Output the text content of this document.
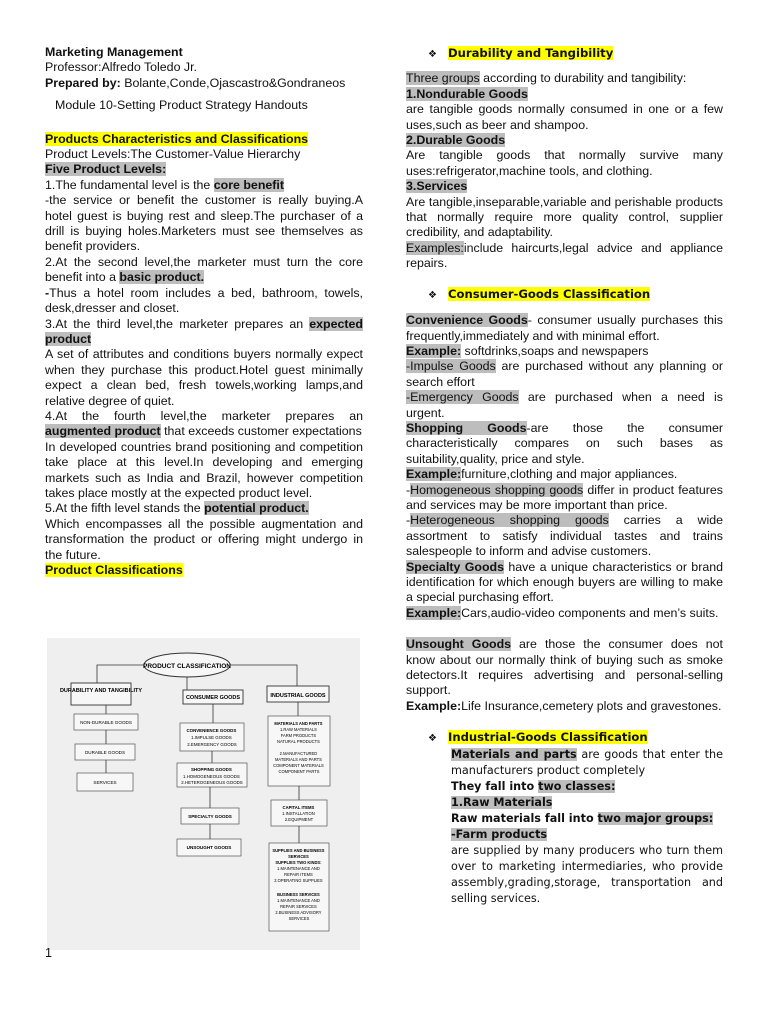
Marketing Management

Professor:Alfredo Toledo Jr.

Prepared by: Bolante,Conde,Ojascastro&Gondraneos

Module 10-Setting Product Strategy Handouts

Products Characteristics and Classifications

Product Levels:The Customer-Value Hierarchy

Five Product Levels:

1.The fundamental level is the core benefit

-the service or benefit the customer is really buying.A hotel guest is buying rest and sleep.The purchaser of a drill is buying holes.Marketers must see themselves as benefit providers.

2.At the second level,the marketer must turn the core benefit into a basic product.

-Thus a hotel room includes a bed, bathroom, towels, desk,dresser and closet.

3.At the third level,the marketer prepares an expected product

A set of attributes and conditions buyers normally expect when they purchase this product.Hotel guest minimally expect a clean bed, fresh towels,working lamps,and relative degree of quiet.

4.At the fourth level,the marketer prepares an augmented product that exceeds customer expectations

In developed countries brand positioning and competition take place at this level.In developing and emerging markets such as India and Brazil, however competition takes place mostly at the expected product level.

5.At the fifth level stands the potential product.

Which encompasses all the possible augmentation and transformation the product or offering might undergo in the future.

Product Classifications

PRODUCT CLASSIFICATION
DURABILITY AND TANGIBILITY
CONSUMER GOODS	INDUSTRIAL GOODS
NON-DURABLE GOODS
DURABLE GOODS
SERVICES
CONVENIENCE GOODS 1.IMPULSE GOODS 2.EMERGENCY GOODS
SHOPPING GOODS 1.HOMOGENEOUS GOODS 2.HETEROGENEOUS GOODS
SPECIALTY GOODS
UNSOUGHT GOODS
MATERIALS AND PARTS 1.RAW MATERIALS FARM PRODUCTS NATURAL PRODUCTS 2.MANUFACTURED MATERIALS AND PARTS COMPONENT MATERIALS COMPONENT PARTS
CAPITAL ITEMS 1.INSTALLATION 2.EQUIPMENT
SUPPLIES AND BUSINESS SERVICES SUPPLIES TWO KINDS: 1.MAINTENANCE AND REPAIR ITEMS 2.OPERATING SUPPLIES BUSINESS SERVICES 1.MAINTENANCE AND REPAIR SERVICES 2.BUSINESS ADVISORY SERVICES
1

❖ Durability and Tangibility

Three groups according to durability and tangibility:

1.Nondurable Goods

are tangible goods normally consumed in one or a few uses,such as beer and shampoo.

2.Durable Goods

Are tangible goods that normally survive many uses:refrigerator,machine tools, and clothing.

3.Services

Are tangible,inseparable,variable and perishable products that normally require more quality control, supplier credibility, and adaptability.

Examples:include haircurts,legal advice and appliance repairs.

❖ Consumer-Goods Classification

Convenience Goods- consumer usually purchases this frequently,immediately and with minimal effort.

Example: softdrinks,soaps and newspapers

-Impulse Goods are purchased without any planning or search effort

-Emergency Goods are purchased when a need is urgent.

Shopping Goods-are those the consumer characteristically compares on such bases as suitability,quality, price and style.

Example:furniture,clothing and major appliances.

-Homogeneous shopping goods differ in product features and services may be more important than price.

-Heterogeneous shopping goods carries a wide assortment to satisfy individual tastes and trains salespeople to inform and advise customers.

Specialty Goods have a unique characteristics or brand identification for which enough buyers are willing to make a special purchasing effort.

Example:Cars,audio-video components and men’s suits.

Unsought Goods are those the consumer does not know about our normally think of buying such as smoke detectors.It requires advertising and personal-selling support.

Example:Life Insurance,cemetery plots and gravestones.

❖ Industrial-Goods Classification

Materials and parts are goods that enter the manufacturers product completely

They fall into two classes:

1.Raw Materials

Raw materials fall into two major groups:

-Farm products

are supplied by many producers who turn them over to marketing intermediaries, who provide assembly,grading,storage, transportation and selling services.
